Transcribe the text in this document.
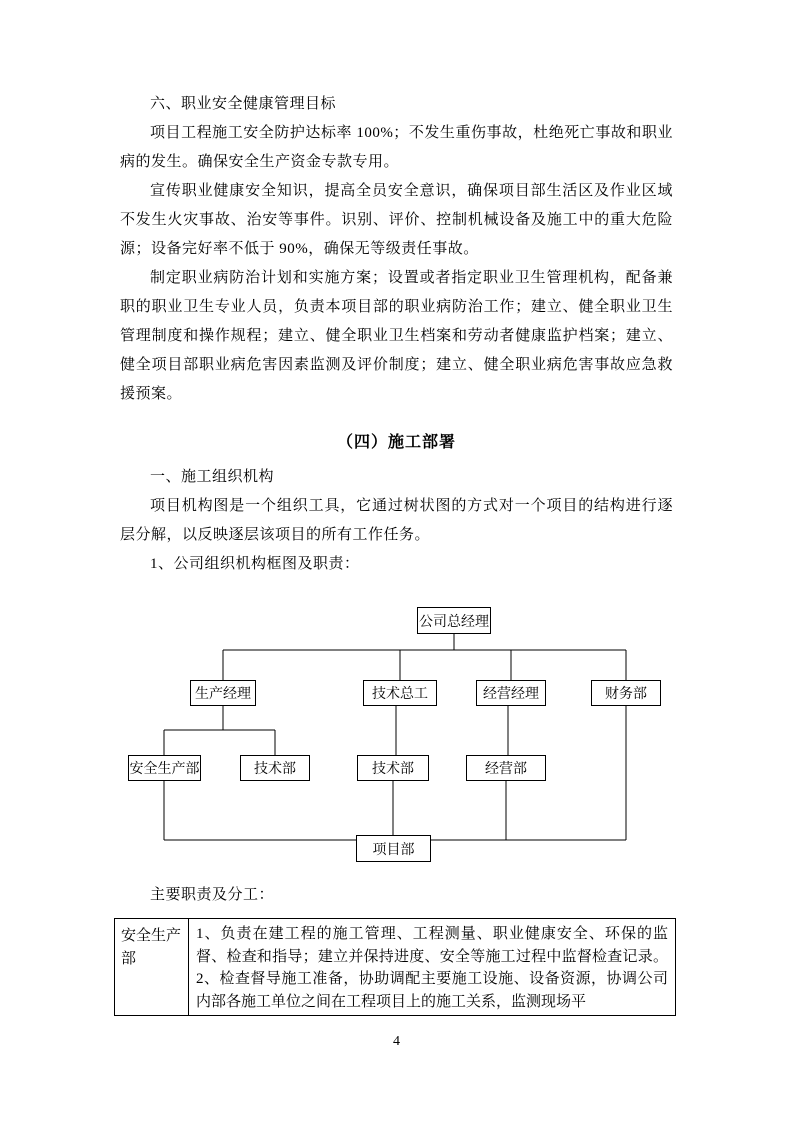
六、职业安全健康管理目标

项目工程施工安全防护达标率 100%；不发生重伤事故，杜绝死亡事故和职业病的发生。确保安全生产资金专款专用。

宣传职业健康安全知识，提高全员安全意识，确保项目部生活区及作业区域不发生火灾事故、治安等事件。识别、评价、控制机械设备及施工中的重大危险源；设备完好率不低于 90%，确保无等级责任事故。

制定职业病防治计划和实施方案；设置或者指定职业卫生管理机构，配备兼职的职业卫生专业人员，负责本项目部的职业病防治工作；建立、健全职业卫生管理制度和操作规程；建立、健全职业卫生档案和劳动者健康监护档案；建立、健全项目部职业病危害因素监测及评价制度；建立、健全职业病危害事故应急救援预案。

（四）施工部署

一、施工组织机构

项目机构图是一个组织工具，它通过树状图的方式对一个项目的结构进行逐层分解，以反映逐层该项目的所有工作任务。

1、公司组织机构框图及职责：

公司总经理
生产经理	技术总工	经营经理	财务部
安全生产部	技术部	技术部	经营部
项目部

主要职责及分工：

安全生产部	1、负责在建工程的施工管理、工程测量、职业健康安全、环保的监督、检查和指导；建立并保持进度、安全等施工过程中监督检查记录。2、检查督导施工准备，协助调配主要施工设施、设备资源，协调公司内部各施工单位之间在工程项目上的施工关系，监测现场平
4
